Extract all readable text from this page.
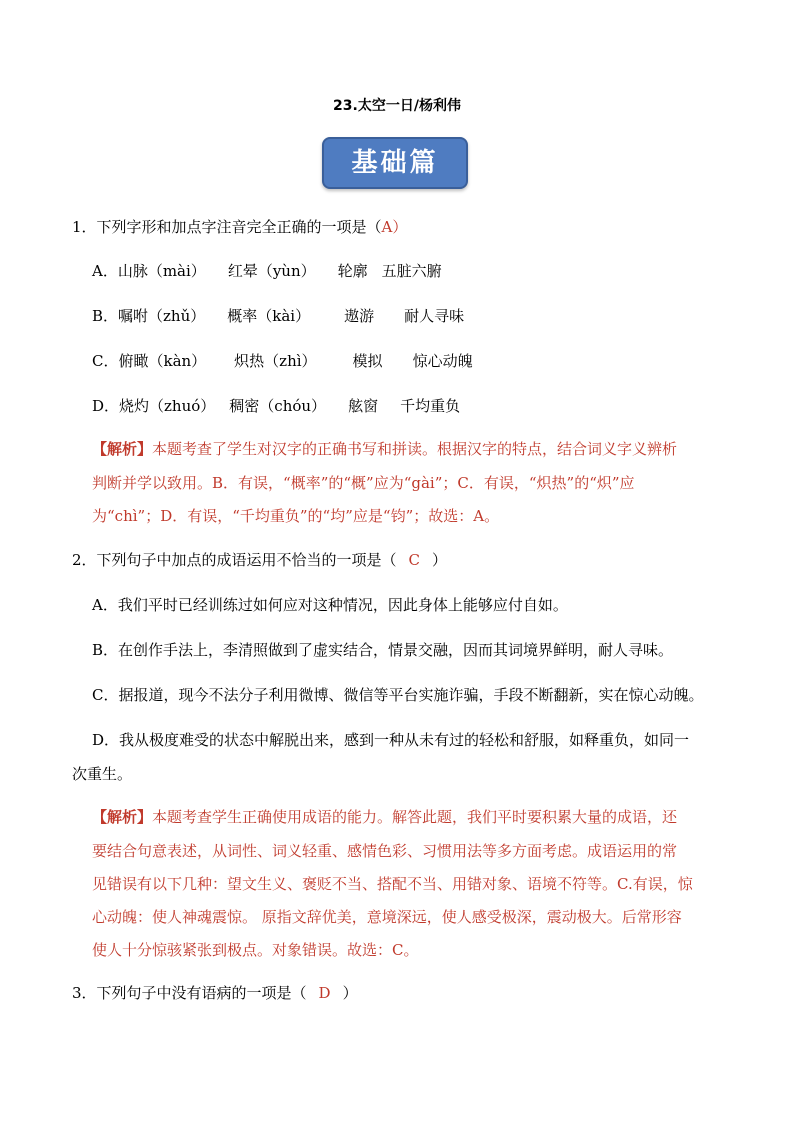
23.太空一日/杨利伟
基础篇
1．下列字形和加点字注音完全正确的一项是（A）
A．山脉（mài） 红晕（yùn） 轮廓 五脏六腑
B．嘱咐（zhǔ） 概率（kài） 遨游 耐人寻味
C．俯瞰（kàn） 炽热（zhì） 模拟 惊心动魄
D．烧灼（zhuó） 稠密（chóu） 舷窗 千均重负
【解析】本题考查了学生对汉字的正确书写和拼读。根据汉字的特点，结合词义字义辨析
判断并学以致用。B．有误，“概率”的“概”应为“gài”；C．有误，“炽热”的“炽”应
为“chì”；D．有误，“千均重负”的“均”应是“钧”；故选：A。
2．下列句子中加点的成语运用不恰当的一项是（ C ）
A．我们平时已经训练过如何应对这种情况，因此身体上能够应付自如。
B．在创作手法上，李清照做到了虚实结合，情景交融，因而其词境界鲜明，耐人寻味。
C．据报道，现今不法分子利用微博、微信等平台实施诈骗，手段不断翻新，实在惊心动魄。
D．我从极度难受的状态中解脱出来，感到一种从未有过的轻松和舒服，如释重负，如同一
次重生。
【解析】本题考查学生正确使用成语的能力。解答此题，我们平时要积累大量的成语，还
要结合句意表述，从词性、词义轻重、感情色彩、习惯用法等多方面考虑。成语运用的常
见错误有以下几种：望文生义、褒贬不当、搭配不当、用错对象、语境不符等。C.有误，惊
心动魄：使人神魂震惊。 原指文辞优美，意境深远，使人感受极深，震动极大。后常形容
使人十分惊骇紧张到极点。对象错误。故选：C。
3．下列句子中没有语病的一项是（ D ）
